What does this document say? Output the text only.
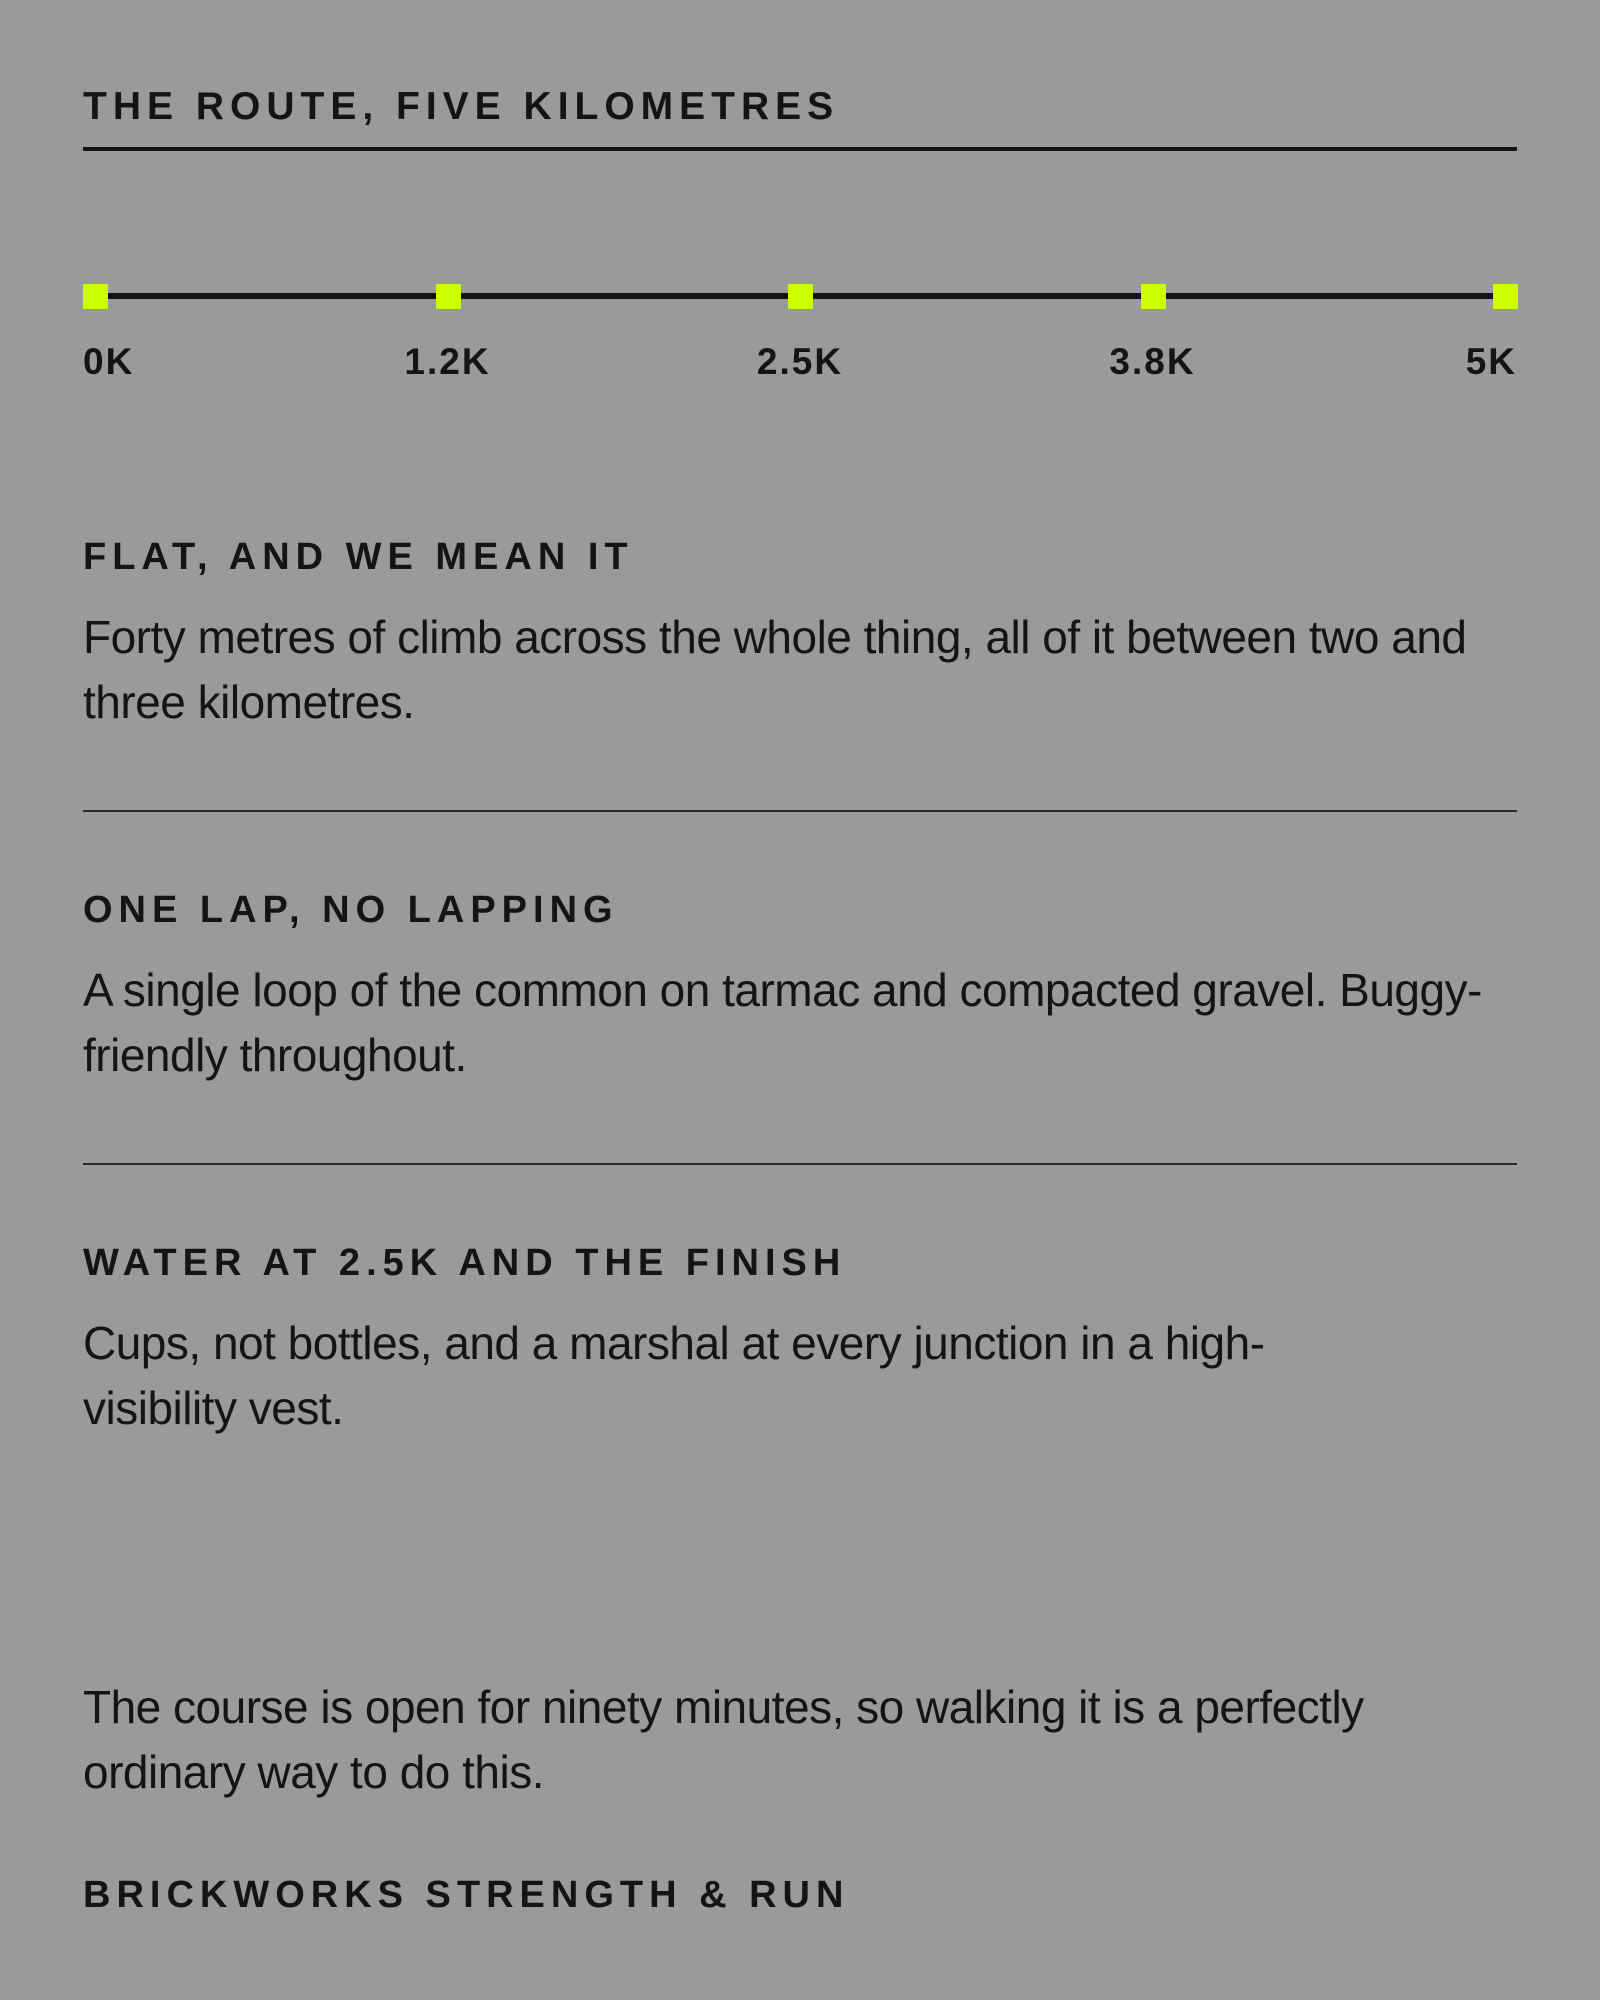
THE ROUTE, FIVE KILOMETRES
0K	1.2K	2.5K	3.8K	5K
FLAT, AND WE MEAN IT
Forty metres of climb across the whole thing, all of it between two and three kilometres.
ONE LAP, NO LAPPING
A single loop of the common on tarmac and compacted gravel. Buggy-friendly throughout.
WATER AT 2.5K AND THE FINISH
Cups, not bottles, and a marshal at every junction in a high-visibility vest.
The course is open for ninety minutes, so walking it is a perfectly ordinary way to do this.
BRICKWORKS STRENGTH & RUN
